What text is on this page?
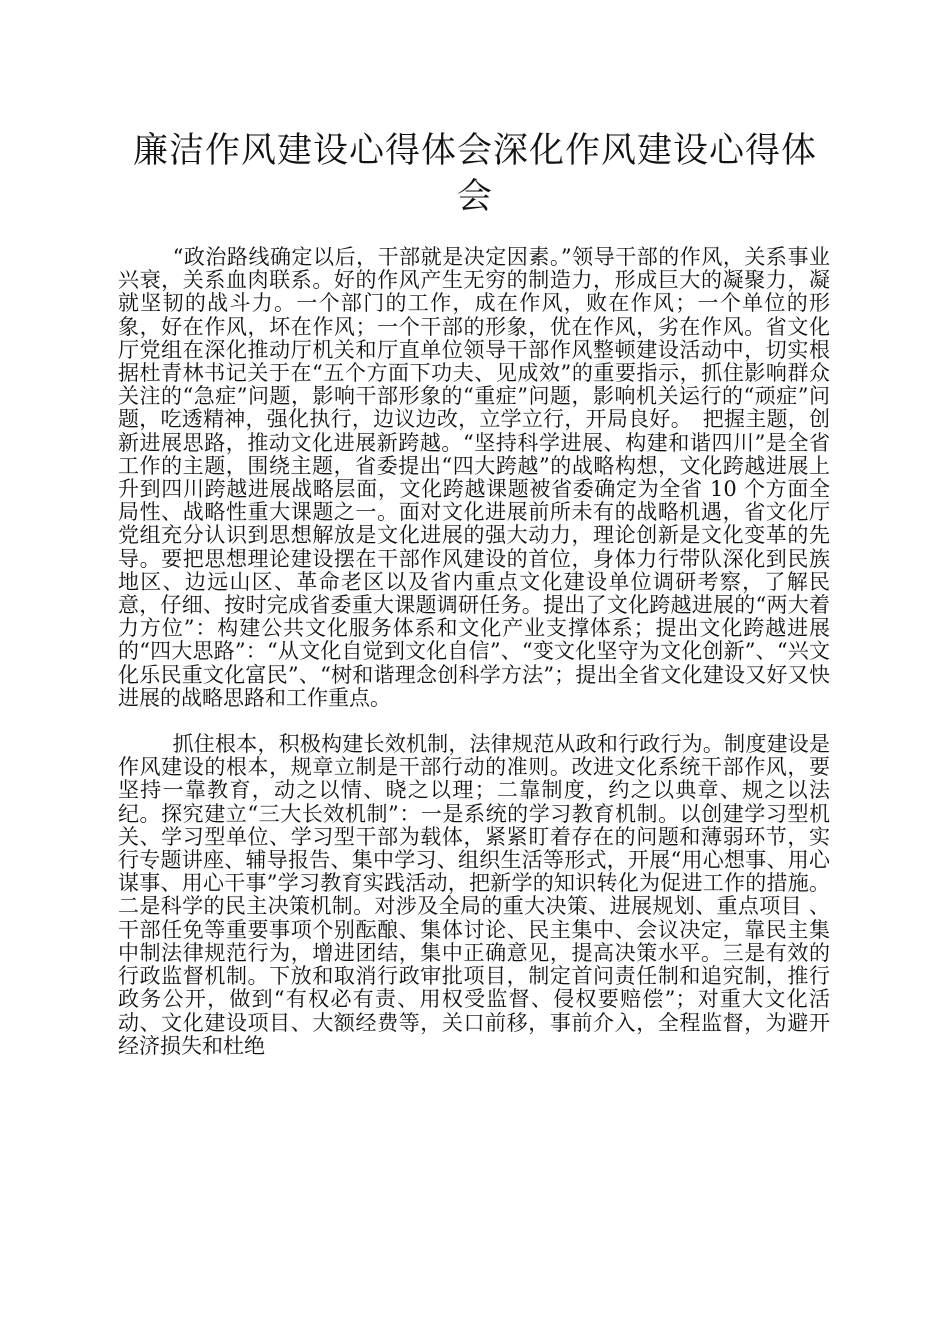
廉洁作风建设心得体会深化作风建设心得体会

“政治路线确定以后，干部就是决定因素。”领导干部的作风，关系事业兴衰，关系血肉联系。好的作风产生无穷的制造力，形成巨大的凝聚力，凝就坚韧的战斗力。一个部门的工作，成在作风，败在作风；一个单位的形象，好在作风，坏在作风；一个干部的形象，优在作风，劣在作风。省文化厅党组在深化推动厅机关和厅直单位领导干部作风整顿建设活动中，切实根据杜青林书记关于在“五个方面下功夫、见成效”的重要指示，抓住影响群众关注的“急症”问题，影响干部形象的“重症”问题，影响机关运行的“顽症”问题，吃透精神，强化执行，边议边改，立学立行，开局良好。　把握主题，创新进展思路，推动文化进展新跨越。“坚持科学进展、构建和谐四川”是全省工作的主题，围绕主题，省委提出“四大跨越”的战略构想，文化跨越进展上升到四川跨越进展战略层面，文化跨越课题被省委确定为全省 10 个方面全局性、战略性重大课题之一。面对文化进展前所未有的战略机遇，省文化厅党组充分认识到思想解放是文化进展的强大动力，理论创新是文化变革的先导。要把思想理论建设摆在干部作风建设的首位，身体力行带队深化到民族地区、边远山区、革命老区以及省内重点文化建设单位调研考察，了解民意，仔细、按时完成省委重大课题调研任务。提出了文化跨越进展的“两大着力方位”：构建公共文化服务体系和文化产业支撑体系；提出文化跨越进展的“四大思路”：“从文化自觉到文化自信”、“变文化坚守为文化创新”、“兴文化乐民重文化富民”、“树和谐理念创科学方法”；提出全省文化建设又好又快进展的战略思路和工作重点。

抓住根本，积极构建长效机制，法律规范从政和行政行为。制度建设是作风建设的根本，规章立制是干部行动的准则。改进文化系统干部作风，要坚持一靠教育，动之以情、晓之以理；二靠制度，约之以典章、规之以法纪。探究建立“三大长效机制”：一是系统的学习教育机制。以创建学习型机关、学习型单位、学习型干部为载体，紧紧盯着存在的问题和薄弱环节，实行专题讲座、辅导报告、集中学习、组织生活等形式，开展“用心想事、用心谋事、用心干事”学习教育实践活动，把新学的知识转化为促进工作的措施。二是科学的民主决策机制。对涉及全局的重大决策、进展规划、重点项目 、干部任免等重要事项个别酝酿、集体讨论、民主集中、会议决定，靠民主集中制法律规范行为，增进团结，集中正确意见，提高决策水平。三是有效的行政监督机制。下放和取消行政审批项目，制定首问责任制和追究制，推行政务公开，做到“有权必有责、用权受监督、侵权要赔偿”；对重大文化活动、文化建设项目、大额经费等，关口前移，事前介入，全程监督，为避开经济损失和杜绝
